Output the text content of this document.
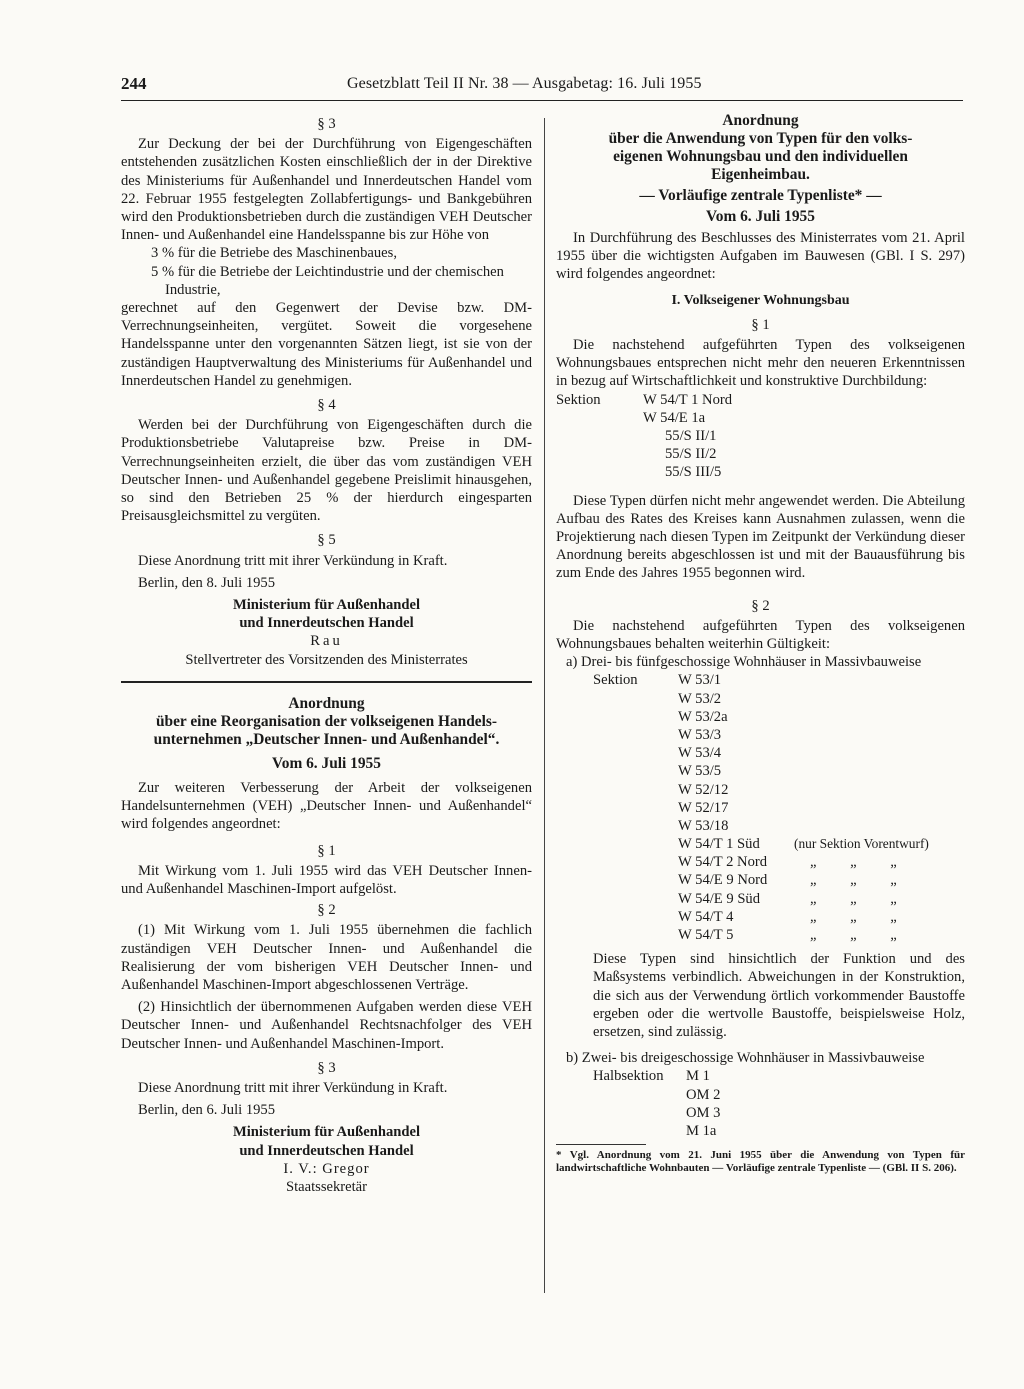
244	Gesetzblatt Teil II Nr. 38 — Ausgabetag: 16. Juli 1955
§ 3

Zur Deckung der bei der Durchführung von Eigengeschäften entstehenden zusätzlichen Kosten einschließlich der in der Direktive des Ministeriums für Außenhandel und Innerdeutschen Handel vom 22. Februar 1955 festgelegten Zollabfertigungs- und Bankgebühren wird den Produktionsbetrieben durch die zuständigen VEH Deutscher Innen- und Außenhandel eine Handelsspanne bis zur Höhe von

3 % für die Betriebe des Maschinenbaues,

5 % für die Betriebe der Leichtindustrie und der chemischen Industrie,

gerechnet auf den Gegenwert der Devise bzw. DM-Verrechnungseinheiten, vergütet. Soweit die vorgesehene Handelsspanne unter den vorgenannten Sätzen liegt, ist sie von der zuständigen Hauptverwaltung des Ministeriums für Außenhandel und Innerdeutschen Handel zu genehmigen.

§ 4

Werden bei der Durchführung von Eigengeschäften durch die Produktionsbetriebe Valutapreise bzw. Preise in DM-Verrechnungseinheiten erzielt, die über das vom zuständigen VEH Deutscher Innen- und Außenhandel gegebene Preislimit hinausgehen, so sind den Betrieben 25 % der hierdurch eingesparten Preisausgleichsmittel zu vergüten.

§ 5

Diese Anordnung tritt mit ihrer Verkündung in Kraft.

Berlin, den 8. Juli 1955

Ministerium für Außenhandel
und Innerdeutschen Handel
Rau
Stellvertreter des Vorsitzenden des Ministerrates
Anordnung
über eine Reorganisation der volkseigenen Handels-
unternehmen „Deutscher Innen- und Außenhandel“.
Vom 6. Juli 1955

Zur weiteren Verbesserung der Arbeit der volkseigenen Handelsunternehmen (VEH) „Deutscher Innen- und Außenhandel“ wird folgendes angeordnet:

§ 1

Mit Wirkung vom 1. Juli 1955 wird das VEH Deutscher Innen- und Außenhandel Maschinen-Import aufgelöst.

§ 2

(1) Mit Wirkung vom 1. Juli 1955 übernehmen die fachlich zuständigen VEH Deutscher Innen- und Außenhandel die Realisierung der vom bisherigen VEH Deutscher Innen- und Außenhandel Maschinen-Import abgeschlossenen Verträge.

(2) Hinsichtlich der übernommenen Aufgaben werden diese VEH Deutscher Innen- und Außenhandel Rechtsnachfolger des VEH Deutscher Innen- und Außenhandel Maschinen-Import.

§ 3

Diese Anordnung tritt mit ihrer Verkündung in Kraft.

Berlin, den 6. Juli 1955

Ministerium für Außenhandel
und Innerdeutschen Handel
I. V.: Gregor
Staatssekretär
Anordnung
über die Anwendung von Typen für den volks-
eigenen Wohnungsbau und den individuellen
Eigenheimbau.
— Vorläufige zentrale Typenliste* —
Vom 6. Juli 1955

In Durchführung des Beschlusses des Ministerrates vom 21. April 1955 über die wichtigsten Aufgaben im Bauwesen (GBl. I S. 297) wird folgendes angeordnet:

I. Volkseigener Wohnungsbau
§ 1

Die nachstehend aufgeführten Typen des volkseigenen Wohnungsbaues entsprechen nicht mehr den neueren Erkenntnissen in bezug auf Wirtschaftlichkeit und konstruktive Durchbildung:

Sektion	W 54/T 1 Nord
W 54/E 1a
55/S II/1
55/S II/2
55/S III/5

Diese Typen dürfen nicht mehr angewendet werden. Die Abteilung Aufbau des Rates des Kreises kann Ausnahmen zulassen, wenn die Projektierung nach diesen Typen im Zeitpunkt der Verkündung dieser Anordnung bereits abgeschlossen ist und mit der Bauausführung bis zum Ende des Jahres 1955 begonnen wird.

§ 2

Die nachstehend aufgeführten Typen des volkseigenen Wohnungsbaues behalten weiterhin Gültigkeit:

a) Drei- bis fünfgeschossige Wohnhäuser in Massivbauweise

Sektion	W 53/1
W 53/2
W 53/2a
W 53/3
W 53/4
W 53/5
W 52/12
W 52/17
W 53/18
W 54/T 1 Süd	(nur Sektion Vorentwurf)
W 54/T 2 Nord	„ „ „
W 54/E 9 Nord	„ „ „
W 54/E 9 Süd	„ „ „
W 54/T 4	„ „ „
W 54/T 5	„ „ „

Diese Typen sind hinsichtlich der Funktion und des Maßsystems verbindlich. Abweichungen in der Konstruktion, die sich aus der Verwendung örtlich vorkommender Baustoffe ergeben oder die wertvolle Baustoffe, beispielsweise Holz, ersetzen, sind zulässig.

b) Zwei- bis dreigeschossige Wohnhäuser in Massivbauweise

Halbsektion M 1
OM 2
OM 3
M 1a

* Vgl. Anordnung vom 21. Juni 1955 über die Anwendung von Typen für landwirtschaftliche Wohnbauten — Vorläufige zentrale Typenliste — (GBl. II S. 206).
